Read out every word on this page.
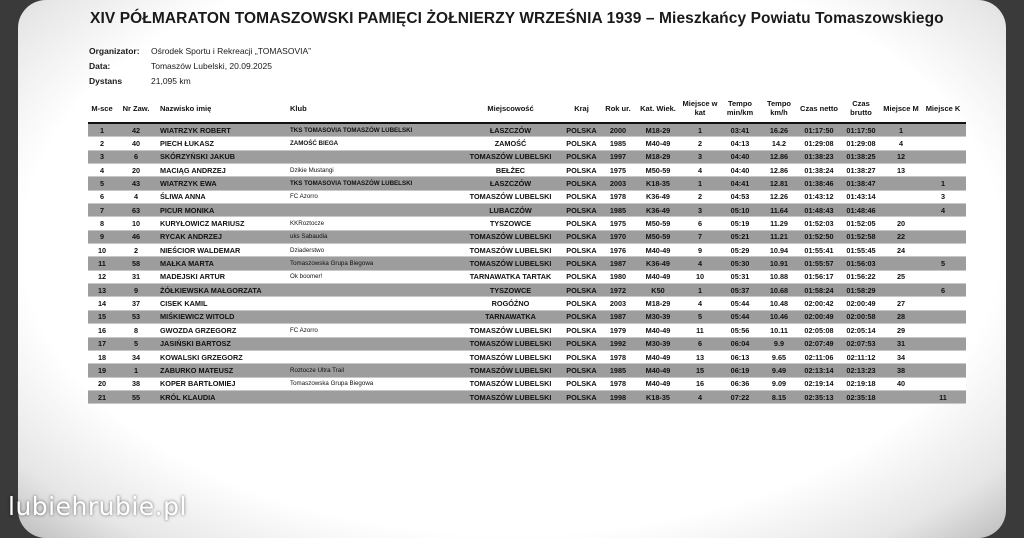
XIV PÓŁMARATON TOMASZOWSKI PAMIĘCI ŻOŁNIERZY WRZEŚNIA 1939 – Mieszkańcy Powiatu Tomaszowskiego
Organizator: Ośrodek Sportu i Rekreacji „TOMASOVIA”
Data:	Tomaszów Lubelski, 20.09.2025
Dystans	21,095 km
M-sce	Nr Zaw.	Nazwisko imię	Klub	Miejscowość	Kraj	Rok ur.	Kat. Wiek.	Miejsce w kat	Tempo min/km	Tempo km/h	Czas netto	Czas brutto	Miejsce M	Miejsce K
1	42	WIATRZYK ROBERT	TKS TOMASOVIA TOMASZÓW LUBELSKI	ŁASZCZÓW	POLSKA	2000	M18-29	1	03:41	16.26	01:17:50	01:17:50	1	
2	40	PIECH ŁUKASZ	ZAMOŚĆ BIEGA	ZAMOŚĆ	POLSKA	1985	M40-49	2	04:13	14.2	01:29:08	01:29:08	4	
3	6	SKÓRZYŃSKI JAKUB		TOMASZÓW LUBELSKI	POLSKA	1997	M18-29	3	04:40	12.86	01:38:23	01:38:25	12	
4	20	MACIĄG ANDRZEJ	Dzikie Mustangi	BEŁŻEC	POLSKA	1975	M50-59	4	04:40	12.86	01:38:24	01:38:27	13	
5	43	WIATRZYK EWA	TKS TOMASOVIA TOMASZÓW LUBELSKI	ŁASZCZÓW	POLSKA	2003	K18-35	1	04:41	12.81	01:38:46	01:38:47		1
6	4	ŚLIWA ANNA	FC Azorro	TOMASZÓW LUBELSKI	POLSKA	1978	K36-49	2	04:53	12.26	01:43:12	01:43:14		3
7	63	PICUR MONIKA		LUBACZÓW	POLSKA	1985	K36-49	3	05:10	11.64	01:48:43	01:48:46		4
8	10	KURYŁOWICZ MARIUSZ	KKRoztocze	TYSZOWCE	POLSKA	1975	M50-59	6	05:19	11.29	01:52:03	01:52:05	20	
9	46	RYCAK ANDRZEJ	uks Sabaudia	TOMASZÓW LUBELSKI	POLSKA	1970	M50-59	7	05:21	11.21	01:52:50	01:52:58	22	
10	2	NIEŚCIOR WALDEMAR	Dziaderstwo	TOMASZÓW LUBELSKI	POLSKA	1976	M40-49	9	05:29	10.94	01:55:41	01:55:45	24	
11	58	MAŁKA MARTA	Tomaszowska Grupa Biegowa	TOMASZÓW LUBELSKI	POLSKA	1987	K36-49	4	05:30	10.91	01:55:57	01:56:03		5
12	31	MADEJSKI ARTUR	Ok boomer!	TARNAWATKA TARTAK	POLSKA	1980	M40-49	10	05:31	10.88	01:56:17	01:56:22	25	
13	9	ŻÓŁKIEWSKA MAŁGORZATA		TYSZOWCE	POLSKA	1972	K50	1	05:37	10.68	01:58:24	01:58:29		6
14	37	CISEK KAMIL		ROGÓŹNO	POLSKA	2003	M18-29	4	05:44	10.48	02:00:42	02:00:49	27	
15	53	MIŚKIEWICZ WITOLD		TARNAWATKA	POLSKA	1987	M30-39	5	05:44	10.46	02:00:49	02:00:58	28	
16	8	GWOZDA GRZEGORZ	FC Azorro	TOMASZÓW LUBELSKI	POLSKA	1979	M40-49	11	05:56	10.11	02:05:08	02:05:14	29	
17	5	JASIŃSKI BARTOSZ		TOMASZÓW LUBELSKI	POLSKA	1992	M30-39	6	06:04	9.9	02:07:49	02:07:53	31	
18	34	KOWALSKI GRZEGORZ		TOMASZÓW LUBELSKI	POLSKA	1978	M40-49	13	06:13	9.65	02:11:06	02:11:12	34	
19	1	ZABURKO MATEUSZ	Roztocze Ultra Trail	TOMASZÓW LUBELSKI	POLSKA	1985	M40-49	15	06:19	9.49	02:13:14	02:13:23	38	
20	38	KOPER BARTŁOMIEJ	Tomaszowska Grupa Biegowa	TOMASZÓW LUBELSKI	POLSKA	1978	M40-49	16	06:36	9.09	02:19:14	02:19:18	40	
21	55	KRÓL KLAUDIA		TOMASZÓW LUBELSKI	POLSKA	1998	K18-35	4	07:22	8.15	02:35:13	02:35:18		11
lubiehrubie.pl
